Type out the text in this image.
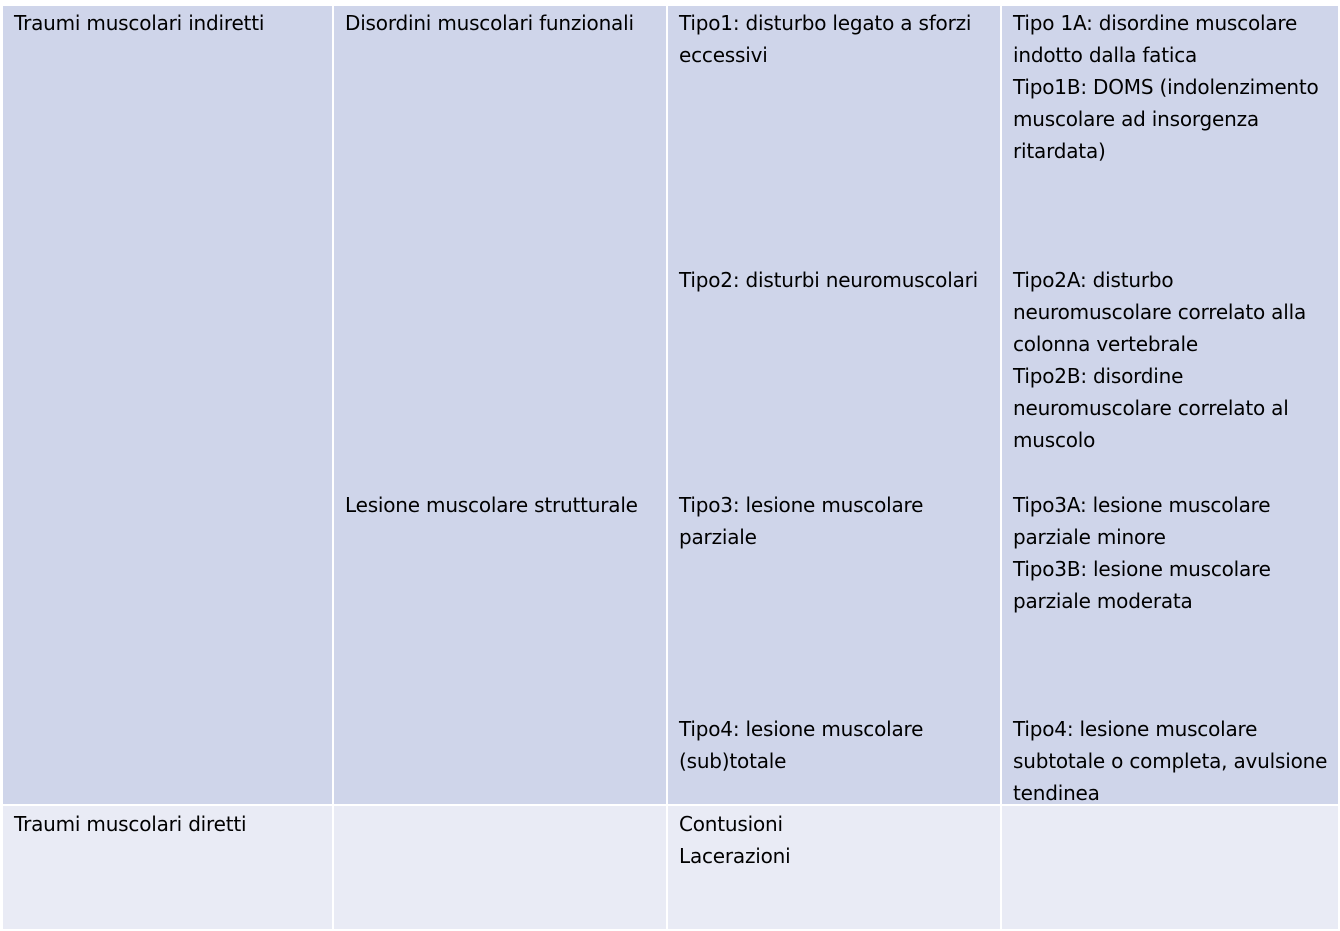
Traumi muscolari indiretti	Disordini muscolari funzionali
Lesione muscolare strutturale
Tipo1: disturbo legato a sforzi eccessivi
Tipo2: disturbi neuromuscolari
Tipo3: lesione muscolare parziale
Tipo4: lesione muscolare (sub)totale
Tipo 1A: disordine muscolare indotto dalla fatica
Tipo1B: DOMS (indolenzimento muscolare ad insorgenza ritardata)
Tipo2A: disturbo neuromuscolare correlato alla colonna vertebrale
Tipo2B: disordine neuromuscolare correlato al muscolo
Tipo3A: lesione muscolare parziale minore
Tipo3B: lesione muscolare parziale moderata
Tipo4: lesione muscolare subtotale o completa, avulsione tendinea
Traumi muscolari diretti	Contusioni
Lacerazioni
